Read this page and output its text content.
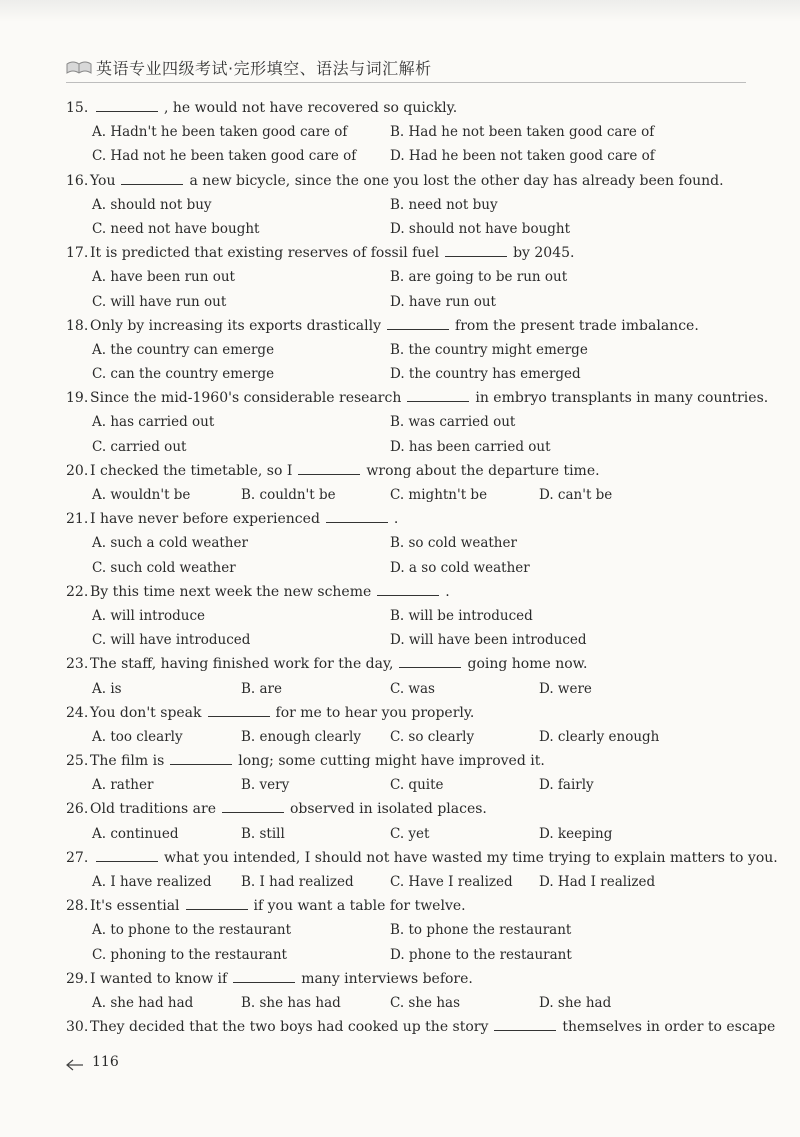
英语专业四级考试·完形填空、语法与词汇解析
15.	, he would not have recovered so quickly.
A. Hadn't he been taken good care of	B. Had he not been taken good care of
C. Had not he been taken good care of	D. Had he been not taken good care of
16. You	a new bicycle, since the one you lost the other day has already been found.
A. should not buy	B. need not buy
C. need not have bought	D. should not have bought
17. It is predicted that existing reserves of fossil fuel	by 2045.
A. have been run out	B. are going to be run out
C. will have run out	D. have run out
18. Only by increasing its exports drastically	from the present trade imbalance.
A. the country can emerge	B. the country might emerge
C. can the country emerge	D. the country has emerged
19. Since the mid-1960's considerable research	in embryo transplants in many countries.
A. has carried out	B. was carried out
C. carried out	D. has been carried out
20. I checked the timetable, so I	wrong about the departure time.
A. wouldn't be	B. couldn't be	C. mightn't be	D. can't be
21. I have never before experienced	.
A. such a cold weather	B. so cold weather
C. such cold weather	D. a so cold weather
22. By this time next week the new scheme	.
A. will introduce	B. will be introduced
C. will have introduced	D. will have been introduced
23. The staff, having finished work for the day,	going home now.
A. is	B. are	C. was	D. were
24. You don't speak	for me to hear you properly.
A. too clearly	B. enough clearly	C. so clearly	D. clearly enough
25. The film is	long; some cutting might have improved it.
A. rather	B. very	C. quite	D. fairly
26. Old traditions are	observed in isolated places.
A. continued	B. still	C. yet	D. keeping
27.	what you intended, I should not have wasted my time trying to explain matters to you.
A. I have realized	B. I had realized	C. Have I realized	D. Had I realized
28. It's essential	if you want a table for twelve.
A. to phone to the restaurant	B. to phone the restaurant
C. phoning to the restaurant	D. phone to the restaurant
29. I wanted to know if	many interviews before.
A. she had had	B. she has had	C. she has	D. she had
30. They decided that the two boys had cooked up the story	themselves in order to escape
116
